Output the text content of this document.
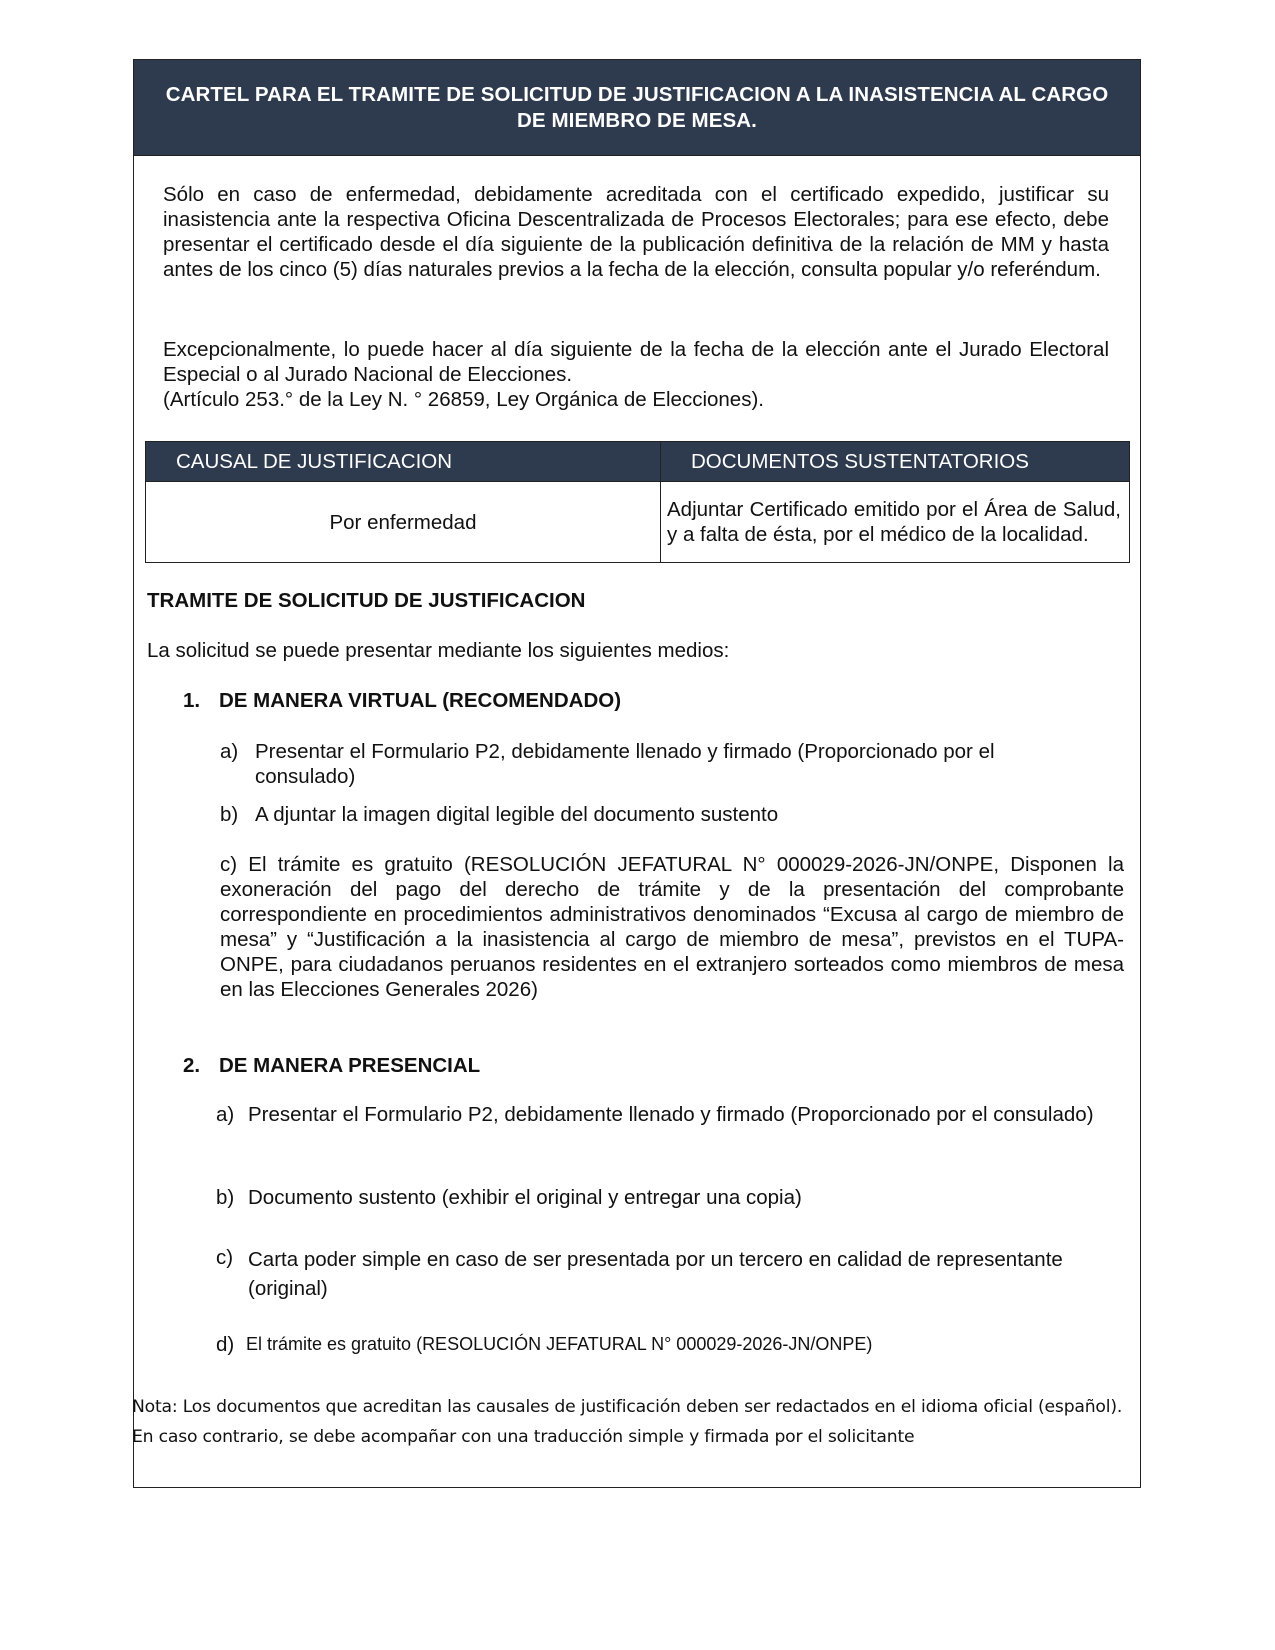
CARTEL PARA EL TRAMITE DE SOLICITUD DE JUSTIFICACION A LA INASISTENCIA AL CARGO DE MIEMBRO DE MESA.

Sólo en caso de enfermedad, debidamente acreditada con el certificado expedido, justificar su inasistencia ante la respectiva Oficina Descentralizada de Procesos Electorales; para ese efecto, debe presentar el certificado desde el día siguiente de la publicación definitiva de la relación de MM y hasta antes de los cinco (5) días naturales previos a la fecha de la elección, consulta popular y/o referéndum.

Excepcionalmente, lo puede hacer al día siguiente de la fecha de la elección ante el Jurado Electoral Especial o al Jurado Nacional de Elecciones.
(Artículo 253.° de la Ley N. ° 26859, Ley Orgánica de Elecciones).
CAUSAL DE JUSTIFICACION	DOCUMENTOS SUSTENTATORIOS
Por enfermedad	Adjuntar Certificado emitido por el Área de Salud, y a falta de ésta, por el médico de la localidad.

TRAMITE DE SOLICITUD DE JUSTIFICACION

La solicitud se puede presentar mediante los siguientes medios:

1. DE MANERA VIRTUAL (RECOMENDADO)

a) Presentar el Formulario P2, debidamente llenado y firmado (Proporcionado por el consulado)
b) A djuntar la imagen digital legible del documento sustento
c) El trámite es gratuito (RESOLUCIÓN JEFATURAL N° 000029-2026-JN/ONPE, Disponen la exoneración del pago del derecho de trámite y de la presentación del comprobante correspondiente en procedimientos administrativos denominados “Excusa al cargo de miembro de mesa” y “Justificación a la inasistencia al cargo de miembro de mesa”, previstos en el TUPA-ONPE, para ciudadanos peruanos residentes en el extranjero sorteados como miembros de mesa en las Elecciones Generales 2026)

2. DE MANERA PRESENCIAL

a) Presentar el Formulario P2, debidamente llenado y firmado (Proporcionado por el consulado)
b) Documento sustento (exhibir el original y entregar una copia)
c) Carta poder simple en caso de ser presentada por un tercero en calidad de representante (original)
d) El trámite es gratuito (RESOLUCIÓN JEFATURAL N° 000029-2026-JN/ONPE)

Nota: Los documentos que acreditan las causales de justificación deben ser redactados en el idioma oficial (español). En caso contrario, se debe acompañar con una traducción simple y firmada por el solicitante
